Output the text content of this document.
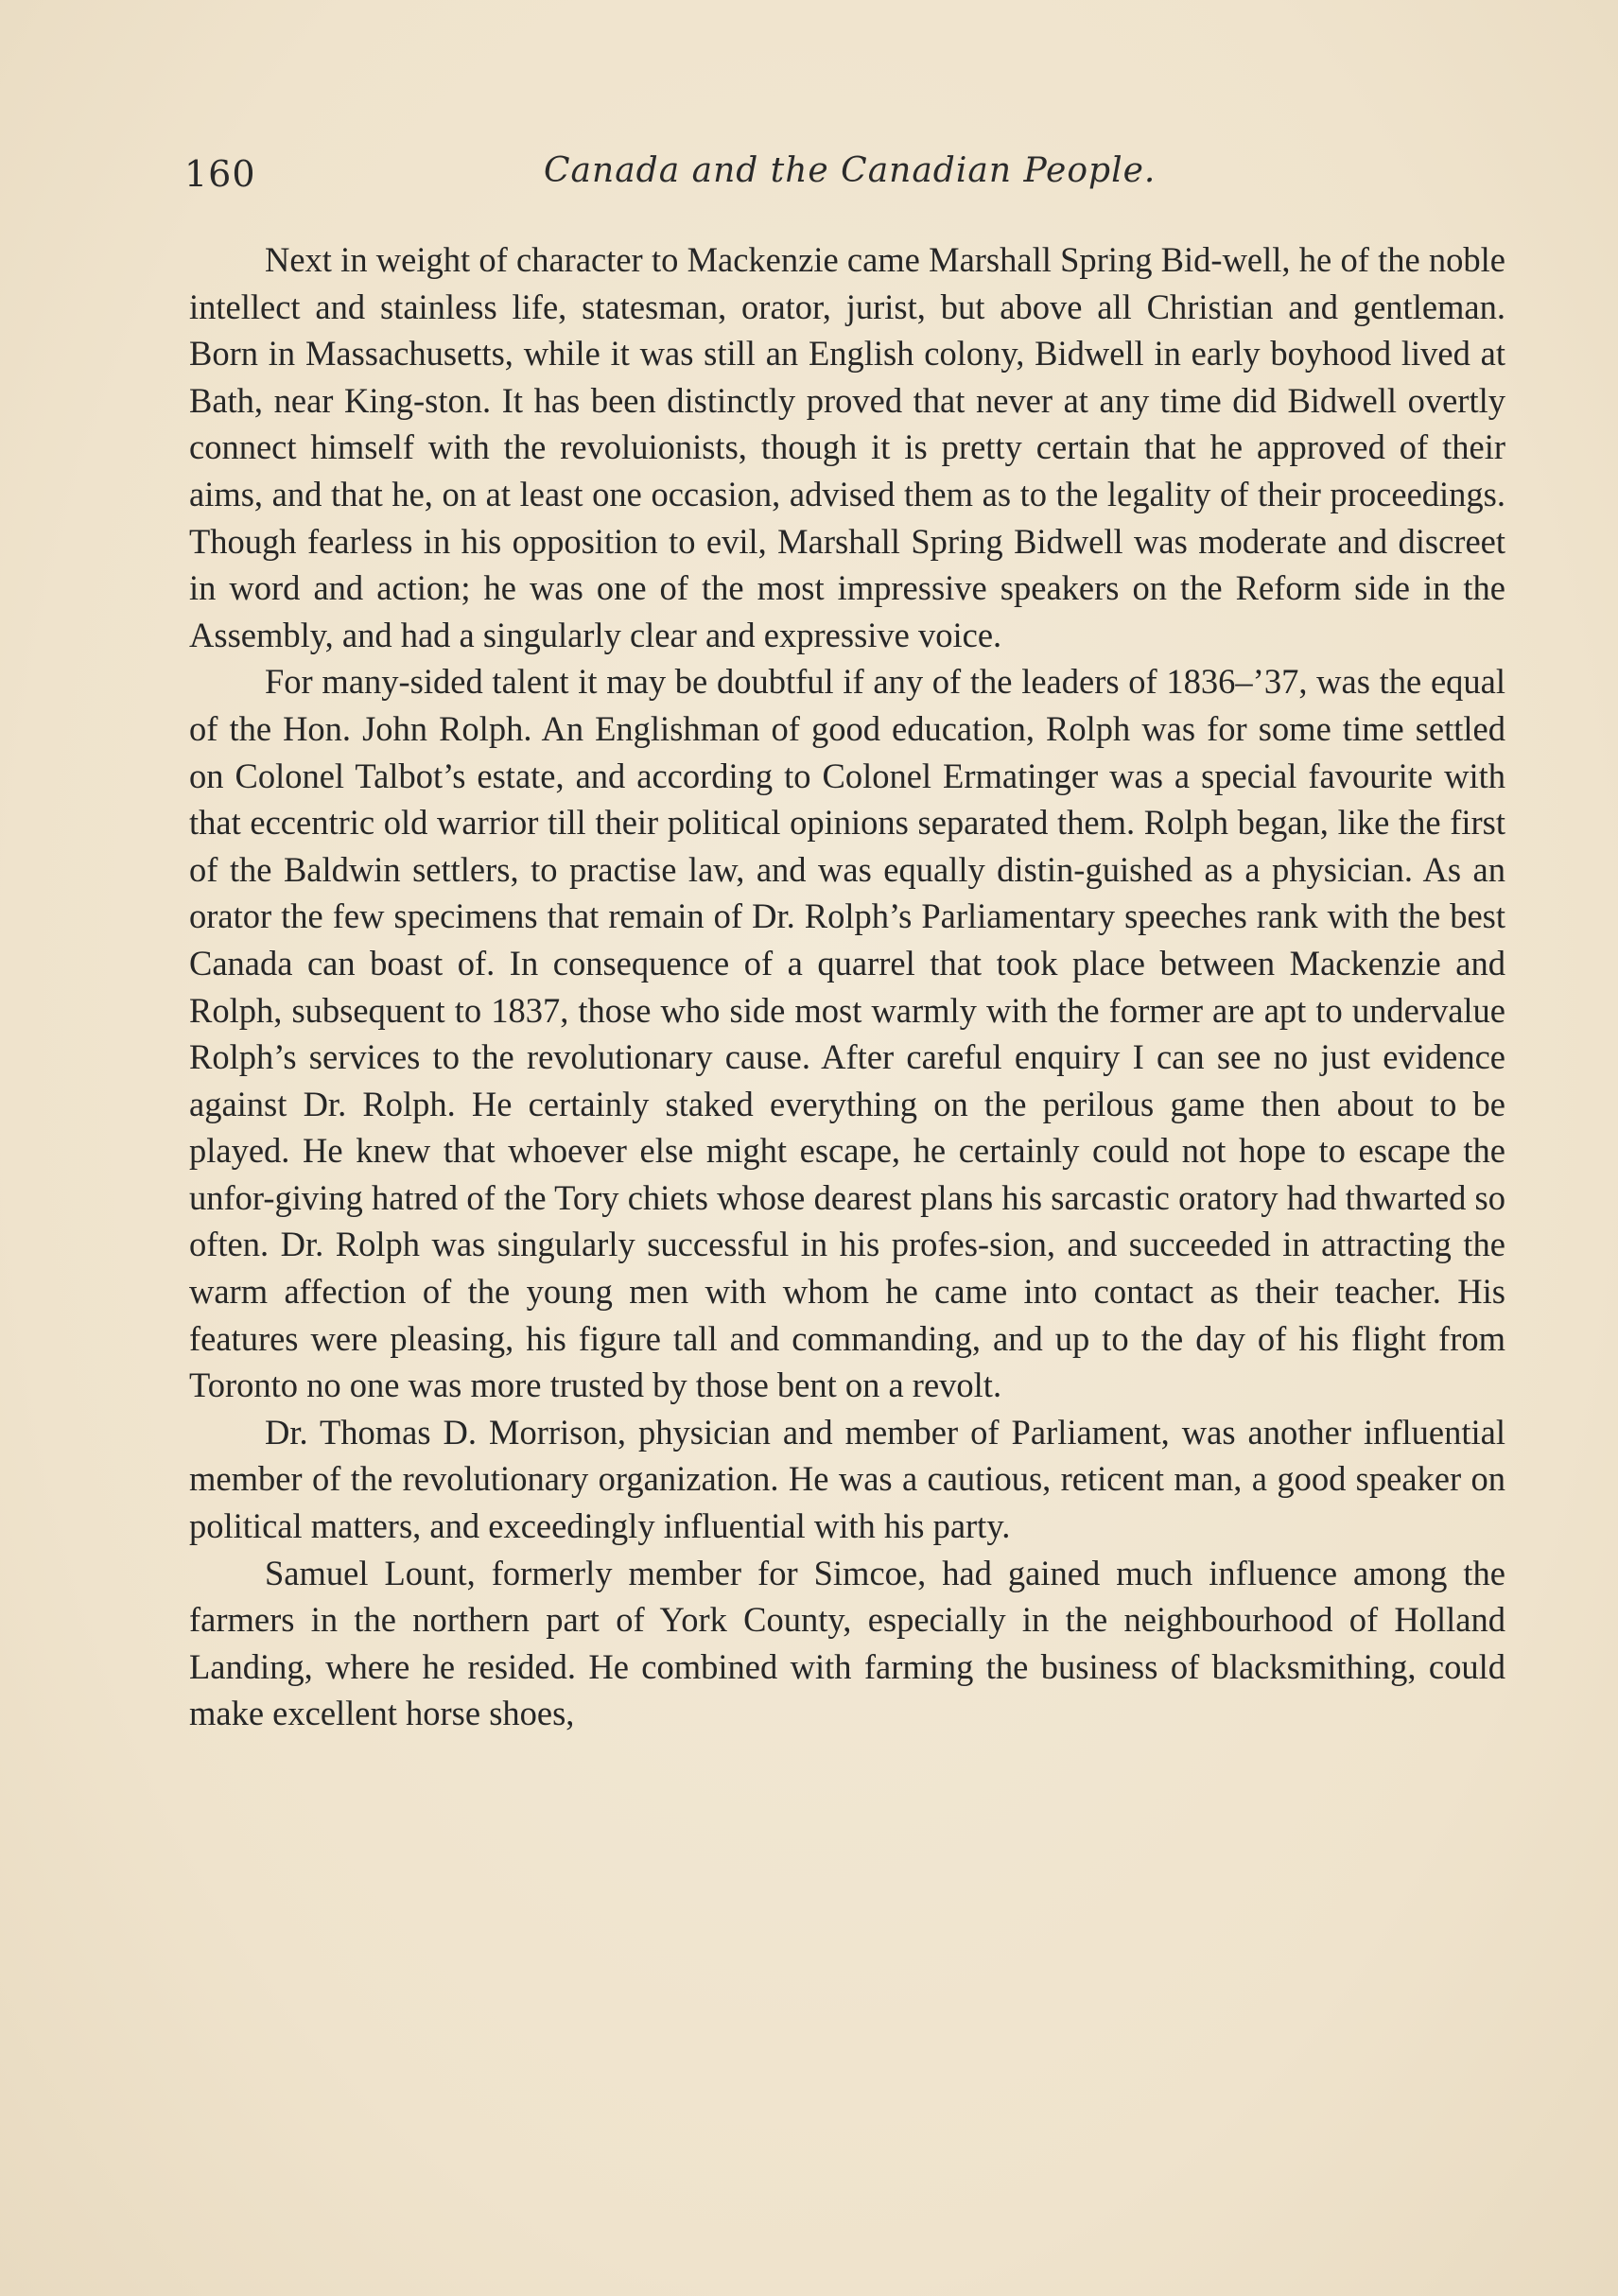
160	Canada and the Canadian People.

Next in weight of character to Mackenzie came Marshall Spring Bid-well, he of the noble intellect and stainless life, statesman, orator, jurist, but above all Christian and gentleman. Born in Massachusetts, while it was still an English colony, Bidwell in early boyhood lived at Bath, near King-ston. It has been distinctly proved that never at any time did Bidwell overtly connect himself with the revoluionists, though it is pretty certain that he approved of their aims, and that he, on at least one occasion, advised them as to the legality of their proceedings. Though fearless in his opposition to evil, Marshall Spring Bidwell was moderate and discreet in word and action; he was one of the most impressive speakers on the Reform side in the Assembly, and had a singularly clear and expressive voice.

For many-sided talent it may be doubtful if any of the leaders of 1836–’37, was the equal of the Hon. John Rolph. An Englishman of good education, Rolph was for some time settled on Colonel Talbot’s estate, and according to Colonel Ermatinger was a special favourite with that eccentric old warrior till their political opinions separated them. Rolph began, like the first of the Baldwin settlers, to practise law, and was equally distin-guished as a physician. As an orator the few specimens that remain of Dr. Rolph’s Parliamentary speeches rank with the best Canada can boast of. In consequence of a quarrel that took place between Mackenzie and Rolph, subsequent to 1837, those who side most warmly with the former are apt to undervalue Rolph’s services to the revolutionary cause. After careful enquiry I can see no just evidence against Dr. Rolph. He certainly staked everything on the perilous game then about to be played. He knew that whoever else might escape, he certainly could not hope to escape the unfor-giving hatred of the Tory chiets whose dearest plans his sarcastic oratory had thwarted so often. Dr. Rolph was singularly successful in his profes-sion, and succeeded in attracting the warm affection of the young men with whom he came into contact as their teacher. His features were pleasing, his figure tall and commanding, and up to the day of his flight from Toronto no one was more trusted by those bent on a revolt.

Dr. Thomas D. Morrison, physician and member of Parliament, was another influential member of the revolutionary organization. He was a cautious, reticent man, a good speaker on political matters, and exceedingly influential with his party.

Samuel Lount, formerly member for Simcoe, had gained much influence among the farmers in the northern part of York County, especially in the neighbourhood of Holland Landing, where he resided. He combined with farming the business of blacksmithing, could make excellent horse shoes,
